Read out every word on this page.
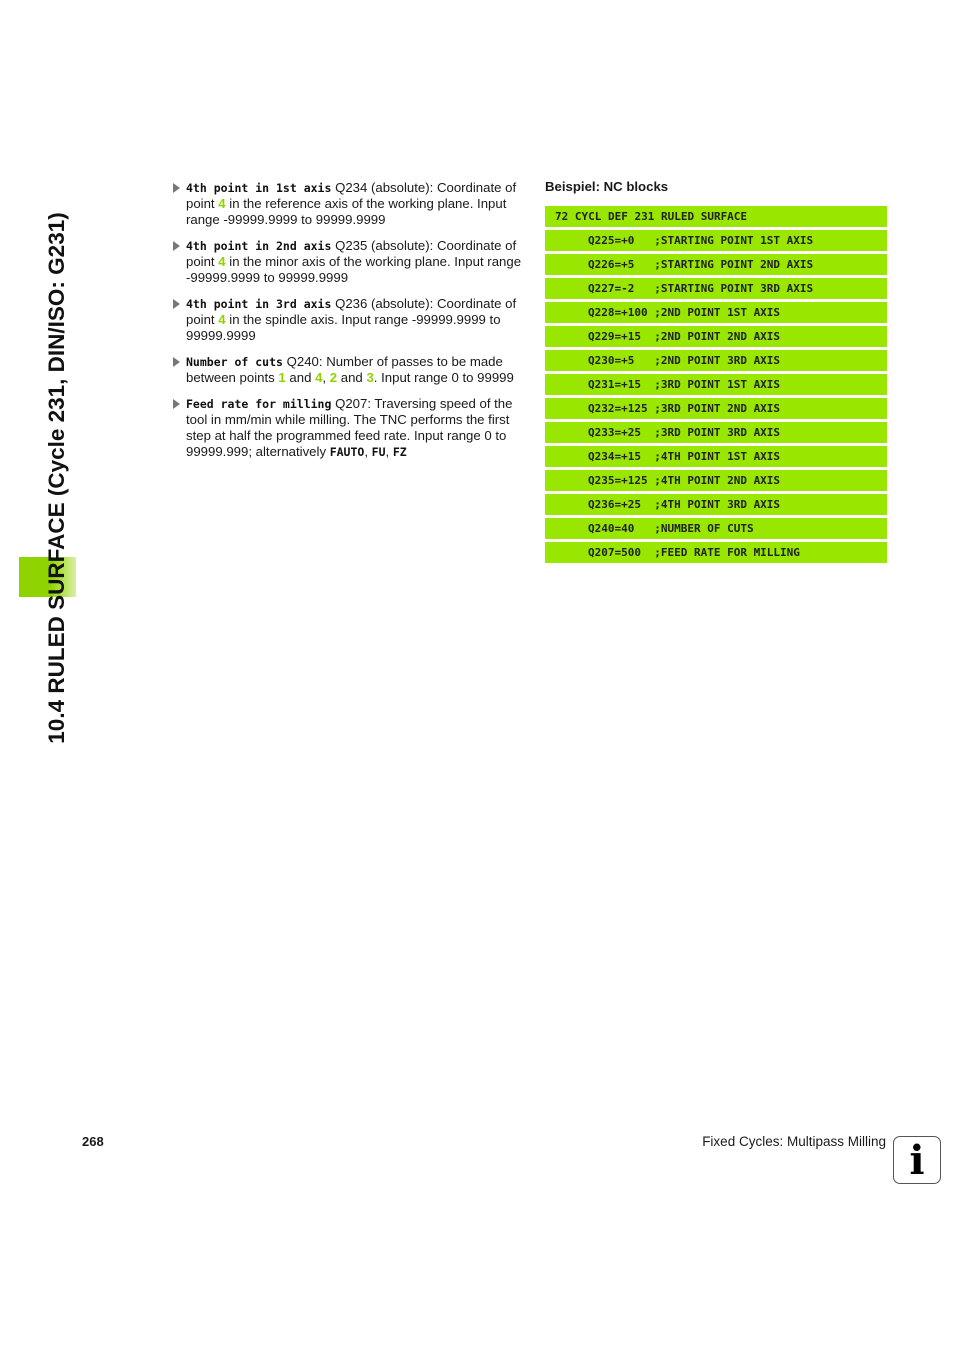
10.4 RULED SURFACE (Cycle 231, DIN/ISO: G231)
4th point in 1st axis Q234 (absolute): Coordinate of point 4 in the reference axis of the working plane. Input range -99999.9999 to 99999.9999
4th point in 2nd axis Q235 (absolute): Coordinate of point 4 in the minor axis of the working plane. Input range -99999.9999 to 99999.9999
4th point in 3rd axis Q236 (absolute): Coordinate of point 4 in the spindle axis. Input range -99999.9999 to 99999.9999
Number of cuts Q240: Number of passes to be made between points 1 and 4, 2 and 3. Input range 0 to 99999
Feed rate for milling Q207: Traversing speed of the tool in mm/min while milling. The TNC performs the first step at half the programmed feed rate. Input range 0 to 99999.999; alternatively FAUTO, FU, FZ
Beispiel: NC blocks
72 CYCL DEF 231 RULED SURFACE
Q225=+0   ;STARTING POINT 1ST AXIS
Q226=+5   ;STARTING POINT 2ND AXIS
Q227=-2   ;STARTING POINT 3RD AXIS
Q228=+100 ;2ND POINT 1ST AXIS
Q229=+15  ;2ND POINT 2ND AXIS
Q230=+5   ;2ND POINT 3RD AXIS
Q231=+15  ;3RD POINT 1ST AXIS
Q232=+125 ;3RD POINT 2ND AXIS
Q233=+25  ;3RD POINT 3RD AXIS
Q234=+15  ;4TH POINT 1ST AXIS
Q235=+125 ;4TH POINT 2ND AXIS
Q236=+25  ;4TH POINT 3RD AXIS
Q240=40   ;NUMBER OF CUTS
Q207=500  ;FEED RATE FOR MILLING
268	Fixed Cycles: Multipass Milling i
